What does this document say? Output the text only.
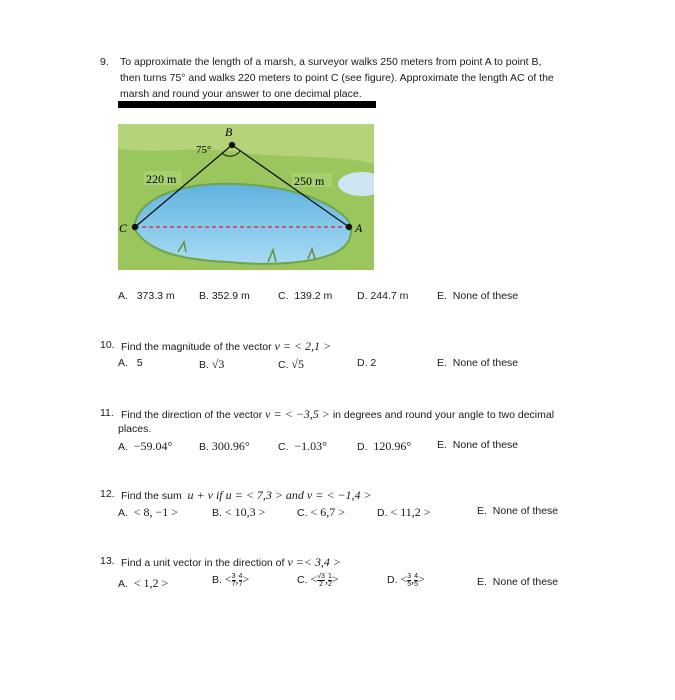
9. To approximate the length of a marsh, a surveyor walks 250 meters from point A to point B,
then turns 75° and walks 220 meters to point C (see figure). Approximate the length AC of the
marsh and round your answer to one decimal place.
B
C	A
75°
220 m	250 m
A. 373.3 m B. 352.9 m	C. 139.2 m D. 244.7 m	E. None of these
10. Find the magnitude of the vector v = < 2,1 >
A. 5	B. √3	C. √5	D. 2	E. None of these
11. Find the direction of the vector v = < −3,5 > in degrees and round your angle to two decimal
places.
A. −59.04°	B. 300.96°	C. −1.03°	D. 120.96° E. None of these
12. Find the sum u + v if u = < 7,3 > and v = < −1,4 >
A. < 8, −1 >	B. < 10,3 >	C. < 6,7 >	D. < 11,2 >	E. None of these
13. Find a unit vector in the direction of v =< 3,4 >
A. < 1,2 >	B. < $\frac{3}{7}$ , $\frac{4}{7}$ >	C. < $\frac{√3}{2}$ , $\frac{1}{2}$ >	D. < $\frac{3}{5}$ , $\frac{4}{5}$ >	E. None of these
